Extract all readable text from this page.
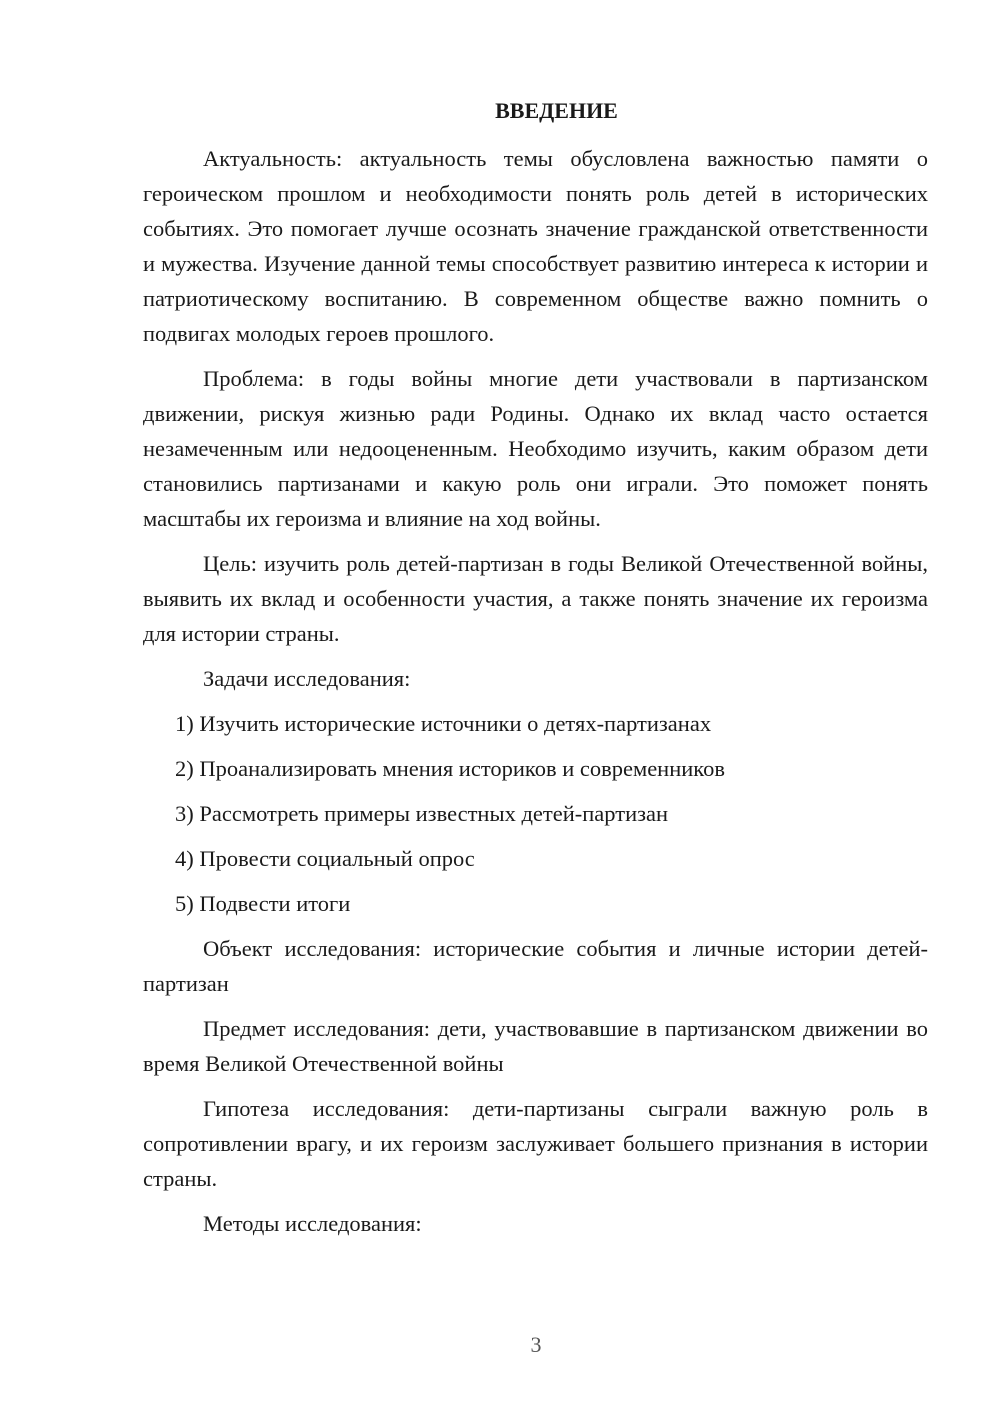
ВВЕДЕНИЕ

Актуальность: актуальность темы обусловлена важностью памяти о героическом прошлом и необходимости понять роль детей в исторических событиях. Это помогает лучше осознать значение гражданской ответственности и мужества. Изучение данной темы способствует развитию интереса к истории и патриотическому воспитанию. В современном обществе важно помнить о подвигах молодых героев прошлого.

Проблема: в годы войны многие дети участвовали в партизанском движении, рискуя жизнью ради Родины. Однако их вклад часто остается незамеченным или недооцененным. Необходимо изучить, каким образом дети становились партизанами и какую роль они играли. Это поможет понять масштабы их героизма и влияние на ход войны.

Цель: изучить роль детей-партизан в годы Великой Отечественной войны, выявить их вклад и особенности участия, а также понять значение их героизма для истории страны.

Задачи исследования:

1) Изучить исторические источники о детях-партизанах
2) Проанализировать мнения историков и современников
3) Рассмотреть примеры известных детей-партизан
4) Провести социальный опрос
5) Подвести итоги

Объект исследования: исторические события и личные истории детей-партизан

Предмет исследования: дети, участвовавшие в партизанском движении во время Великой Отечественной войны

Гипотеза исследования: дети-партизаны сыграли важную роль в сопротивлении врагу, и их героизм заслуживает большего признания в истории страны.

Методы исследования:

3
